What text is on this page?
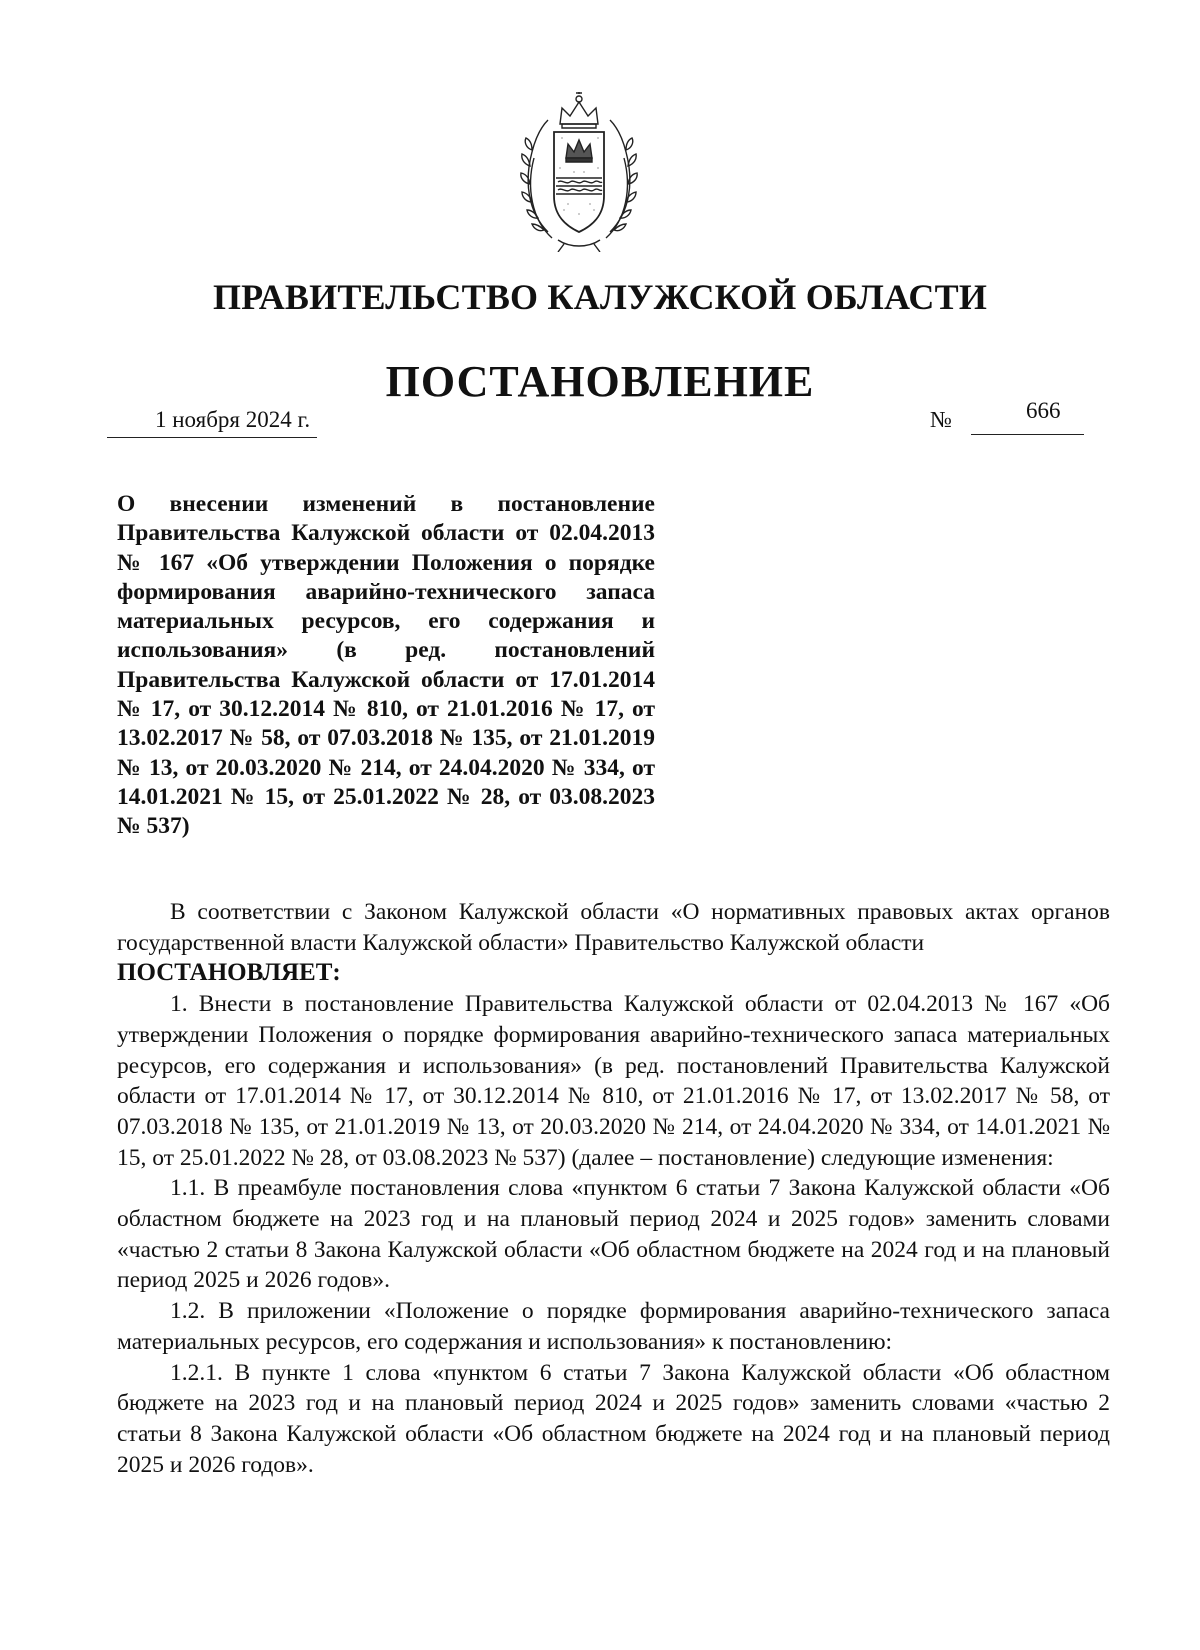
ПРАВИТЕЛЬСТВО КАЛУЖСКОЙ ОБЛАСТИ
ПОСТАНОВЛЕНИЕ
1 ноября 2024 г.	№	666
О внесении изменений в постановление Правительства Калужской области от 02.04.2013 № 167 «Об утверждении Положения о порядке формирования аварийно-технического запаса материальных ресурсов, его содержания и использования» (в ред. постановлений Правительства Калужской области от 17.01.2014 № 17, от 30.12.2014 № 810, от 21.01.2016 № 17, от 13.02.2017 № 58, от 07.03.2018 № 135, от 21.01.2019 № 13, от 20.03.2020 № 214, от 24.04.2020 № 334, от 14.01.2021 № 15, от 25.01.2022 № 28, от 03.08.2023 № 537)

В соответствии с Законом Калужской области «О нормативных правовых актах органов государственной власти Калужской области» Правительство Калужской области

ПОСТАНОВЛЯЕТ:

1. Внести в постановление Правительства Калужской области от 02.04.2013 № 167 «Об утверждении Положения о порядке формирования аварийно-технического запаса материальных ресурсов, его содержания и использования» (в ред. постановлений Правительства Калужской области от 17.01.2014 № 17, от 30.12.2014 № 810, от 21.01.2016 № 17, от 13.02.2017 № 58, от 07.03.2018 № 135, от 21.01.2019 № 13, от 20.03.2020 № 214, от 24.04.2020 № 334, от 14.01.2021 № 15, от 25.01.2022 № 28, от 03.08.2023 № 537) (далее – постановление) следующие изменения:

1.1. В преамбуле постановления слова «пунктом 6 статьи 7 Закона Калужской области «Об областном бюджете на 2023 год и на плановый период 2024 и 2025 годов» заменить словами «частью 2 статьи 8 Закона Калужской области «Об областном бюджете на 2024 год и на плановый период 2025 и 2026 годов».

1.2. В приложении «Положение о порядке формирования аварийно-технического запаса материальных ресурсов, его содержания и использования» к постановлению:

1.2.1. В пункте 1 слова «пунктом 6 статьи 7 Закона Калужской области «Об областном бюджете на 2023 год и на плановый период 2024 и 2025 годов» заменить словами «частью 2 статьи 8 Закона Калужской области «Об областном бюджете на 2024 год и на плановый период 2025 и 2026 годов».
